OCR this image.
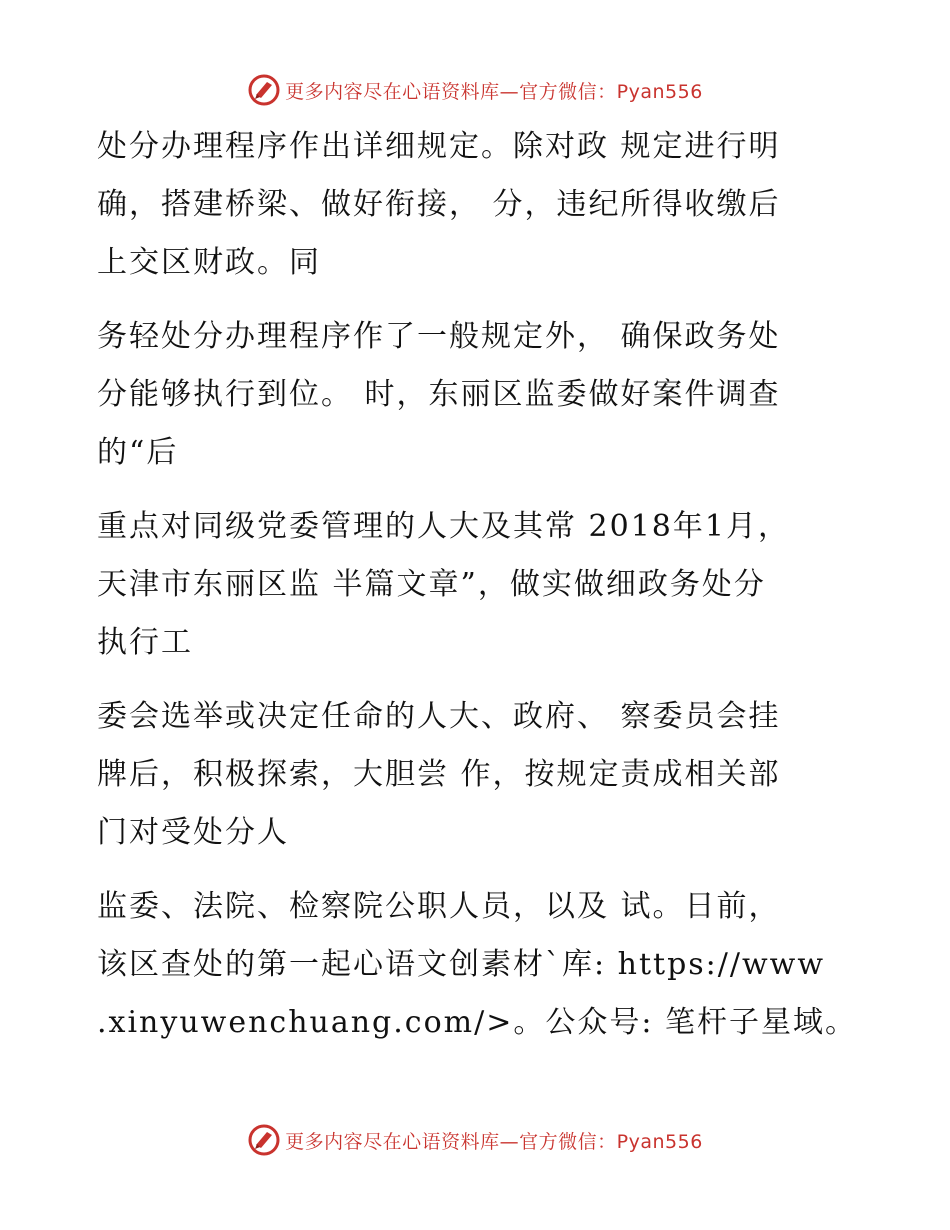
更多内容尽在心语资料库—官方微信：Pyan556

处分办理程序作出详细规定。除对政 规定进行明
确，搭建桥梁、做好衔接， 分，违纪所得收缴后
上交区财政。同

务轻处分办理程序作了一般规定外， 确保政务处
分能够执行到位。 时，东丽区监委做好案件调查
的“后

重点对同级党委管理的人大及其常 2018年1月，
天津市东丽区监 半篇文章”，做实做细政务处分
执行工

委会选举或决定任命的人大、政府、 察委员会挂
牌后，积极探索，大胆尝 作，按规定责成相关部
门对受处分人

监委、法院、检察院公职人员，以及 试。日前，
该区查处的第一起心语文创素材`库: https://www
.xinyuwenchuang.com/>。公众号: 笔杆子星域。

更多内容尽在心语资料库—官方微信：Pyan556
